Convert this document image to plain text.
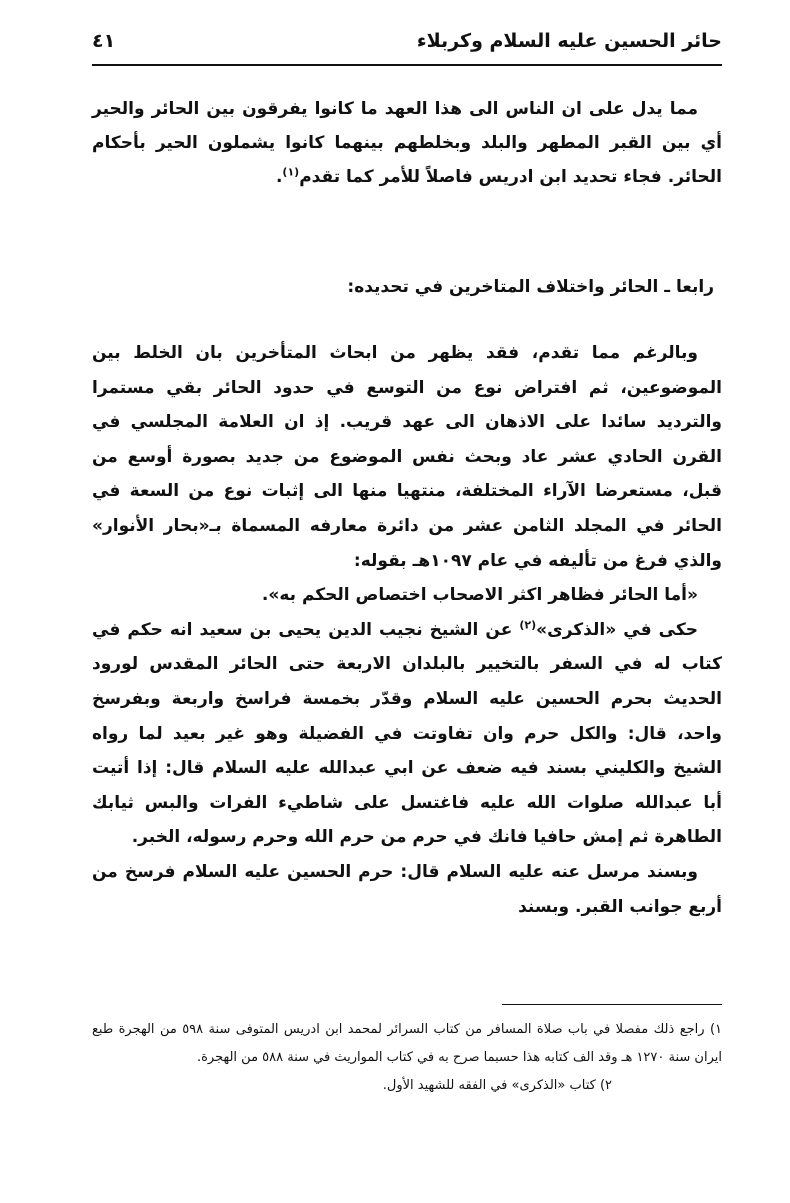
حائر الحسين عليه السلام وكربلاء
٤١

مما يدل على ان الناس الى هذا العهد ما كانوا يفرقون بين الحائر والحير أي بين القبر المطهر والبلد وبخلطهم بينهما كانوا يشملون الحير بأحكام الحائر. فجاء تحديد ابن ادريس فاصلاً للأمر كما تقدم$^{(١)}$.

رابعا ـ الحائر واختلاف المتاخرين في تحديده:

وبالرغم مما تقدم، فقد يظهر من ابحاث المتأخرين بان الخلط بين الموضوعين، ثم افتراض نوع من التوسع في حدود الحائر بقي مستمرا والترديد سائدا على الاذهان الى عهد قريب. إذ ان العلامة المجلسي في القرن الحادي عشر عاد وبحث نفس الموضوع من جديد بصورة أوسع من قبل، مستعرضا الآراء المختلفة، منتهيا منها الى إثبات نوع من السعة في الحائر في المجلد الثامن عشر من دائرة معارفه المسماة بـ«بحار الأنوار» والذي فرغ من تأليفه في عام ١٠٩٧هـ بقوله:

«أما الحائر فظاهر اكثر الاصحاب اختصاص الحكم به».

حكى في «الذكرى»$^{(٢)}$ عن الشيخ نجيب الدين يحيى بن سعيد انه حكم في كتاب له في السفر بالتخيير بالبلدان الاربعة حتى الحائر المقدس لورود الحديث بحرم الحسين عليه السلام وقدّر بخمسة فراسخ واربعة وبفرسخ واحد، قال: والكل حرم وان تفاوتت في الفضيلة وهو غير بعيد لما رواه الشيخ والكليني بسند فيه ضعف عن ابي عبدالله عليه السلام قال: إذا أتيت أبا عبدالله صلوات الله عليه فاغتسل على شاطيء الفرات والبس ثيابك الطاهرة ثم إمش حافيا فانك في حرم من حرم الله وحرم رسوله، الخبر.

وبسند مرسل عنه عليه السلام قال: حرم الحسين عليه السلام فرسخ من أربع جوانب القبر. وبسند

١) راجع ذلك مفصلا في باب صلاة المسافر من كتاب السرائر لمحمد ابن ادريس المتوفى سنة ٥٩٨ من الهجرة طبع ايران سنة ١٢٧٠ هـ وقد الف كتابه هذا حسبما صرح به في كتاب المواريث في سنة ٥٨٨ من الهجرة.

٢) كتاب «الذكرى» في الفقه للشهيد الأول.
